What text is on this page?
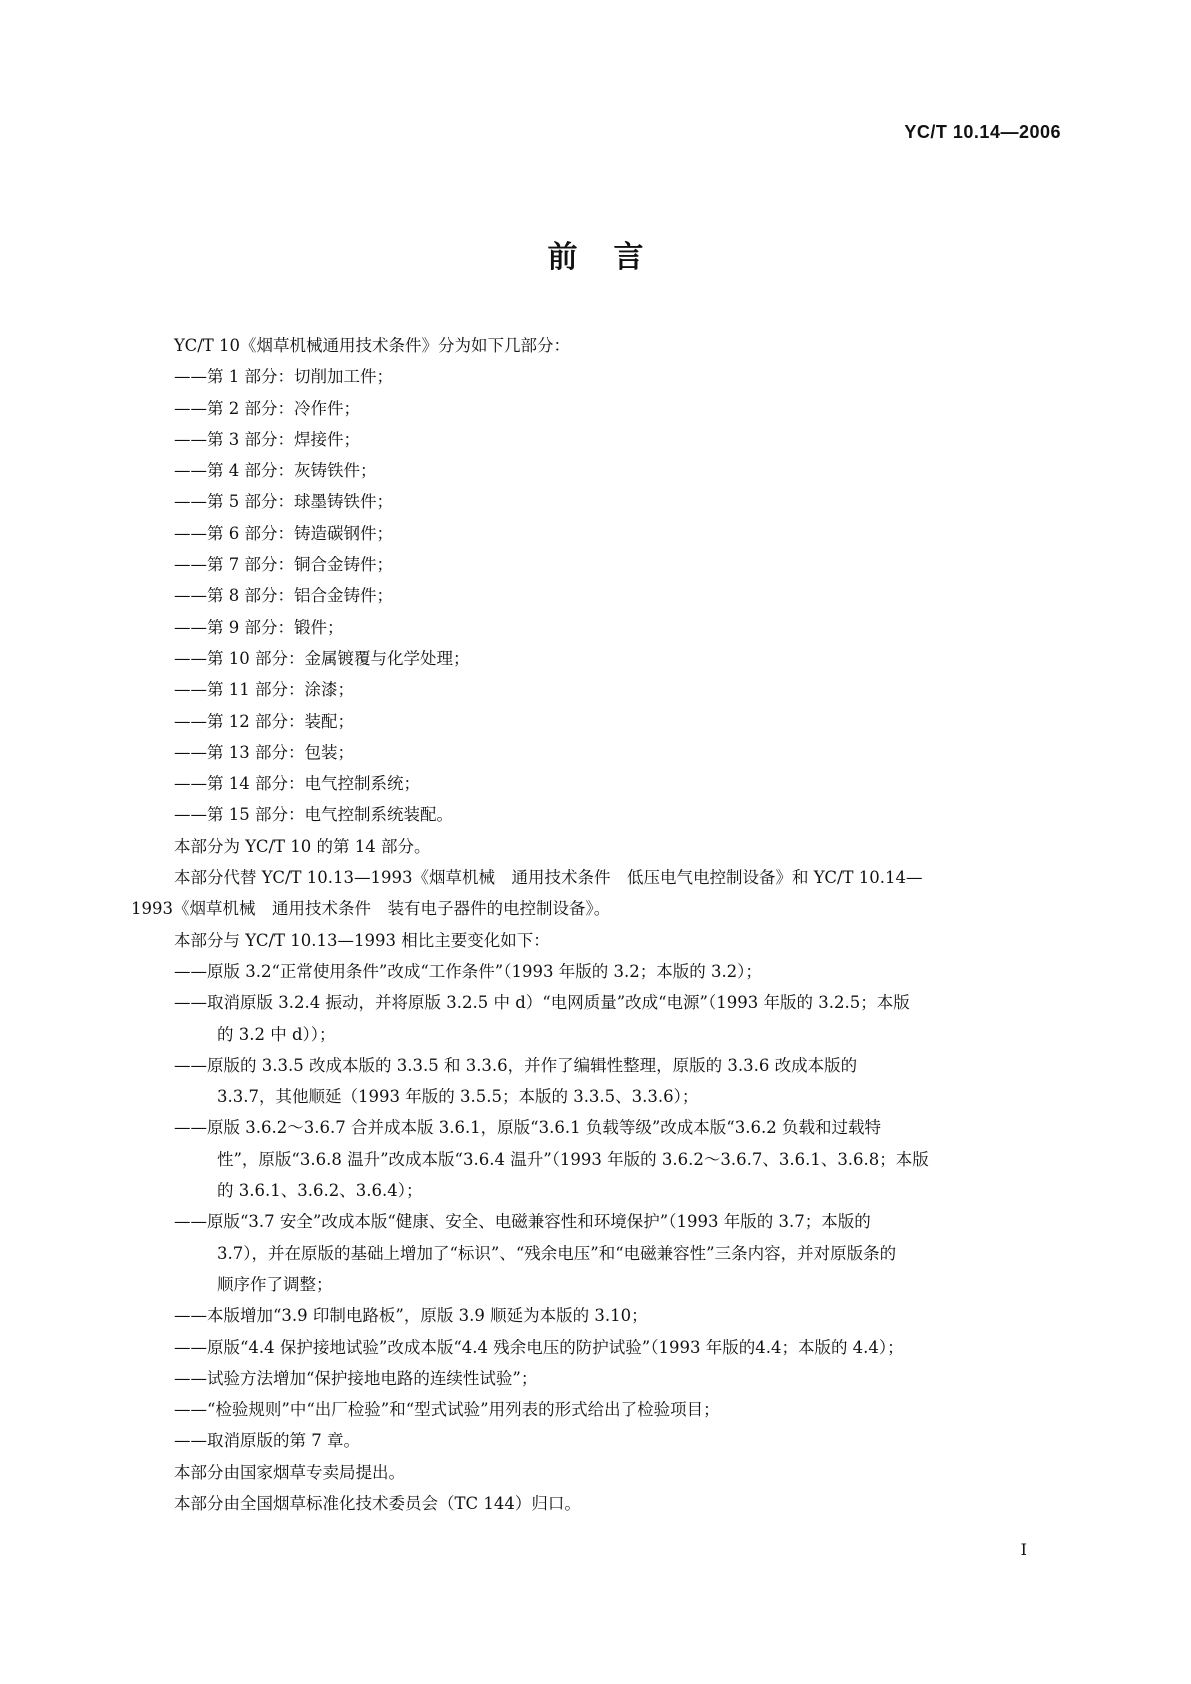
YC/T 10.14—2006
前言

YC/T 10《烟草机械通用技术条件》分为如下几部分：

——第 1 部分：切削加工件；

——第 2 部分：冷作件；

——第 3 部分：焊接件；

——第 4 部分：灰铸铁件；

——第 5 部分：球墨铸铁件；

——第 6 部分：铸造碳钢件；

——第 7 部分：铜合金铸件；

——第 8 部分：铝合金铸件；

——第 9 部分：锻件；

——第 10 部分：金属镀覆与化学处理；

——第 11 部分：涂漆；

——第 12 部分：装配；

——第 13 部分：包装；

——第 14 部分：电气控制系统；

——第 15 部分：电气控制系统装配。

本部分为 YC/T 10 的第 14 部分。

本部分代替 YC/T 10.13—1993《烟草机械　通用技术条件　低压电气电控制设备》和 YC/T 10.14—

1993《烟草机械　通用技术条件　装有电子器件的电控制设备》。

本部分与 YC/T 10.13—1993 相比主要变化如下：

——原版 3.2“正常使用条件”改成“工作条件”（1993 年版的 3.2；本版的 3.2）；

——取消原版 3.2.4 振动，并将原版 3.2.5 中 d）“电网质量”改成“电源”（1993 年版的 3.2.5；本版

的 3.2 中 d））；

——原版的 3.3.5 改成本版的 3.3.5 和 3.3.6，并作了编辑性整理，原版的 3.3.6 改成本版的

3.3.7，其他顺延（1993 年版的 3.5.5；本版的 3.3.5、3.3.6）；

——原版 3.6.2～3.6.7 合并成本版 3.6.1，原版“3.6.1 负载等级”改成本版“3.6.2 负载和过载特

性”，原版“3.6.8 温升”改成本版“3.6.4 温升”（1993 年版的 3.6.2～3.6.7、3.6.1、3.6.8；本版

的 3.6.1、3.6.2、3.6.4）；

——原版“3.7 安全”改成本版“健康、安全、电磁兼容性和环境保护”（1993 年版的 3.7；本版的

3.7），并在原版的基础上增加了“标识”、“残余电压”和“电磁兼容性”三条内容，并对原版条的

顺序作了调整；

——本版增加“3.9 印制电路板”，原版 3.9 顺延为本版的 3.10；

——原版“4.4 保护接地试验”改成本版“4.4 残余电压的防护试验”（1993 年版的4.4；本版的 4.4）；

——试验方法增加“保护接地电路的连续性试验”；

——“检验规则”中“出厂检验”和“型式试验”用列表的形式给出了检验项目；

——取消原版的第 7 章。

本部分由国家烟草专卖局提出。

本部分由全国烟草标准化技术委员会（TC 144）归口。

I
